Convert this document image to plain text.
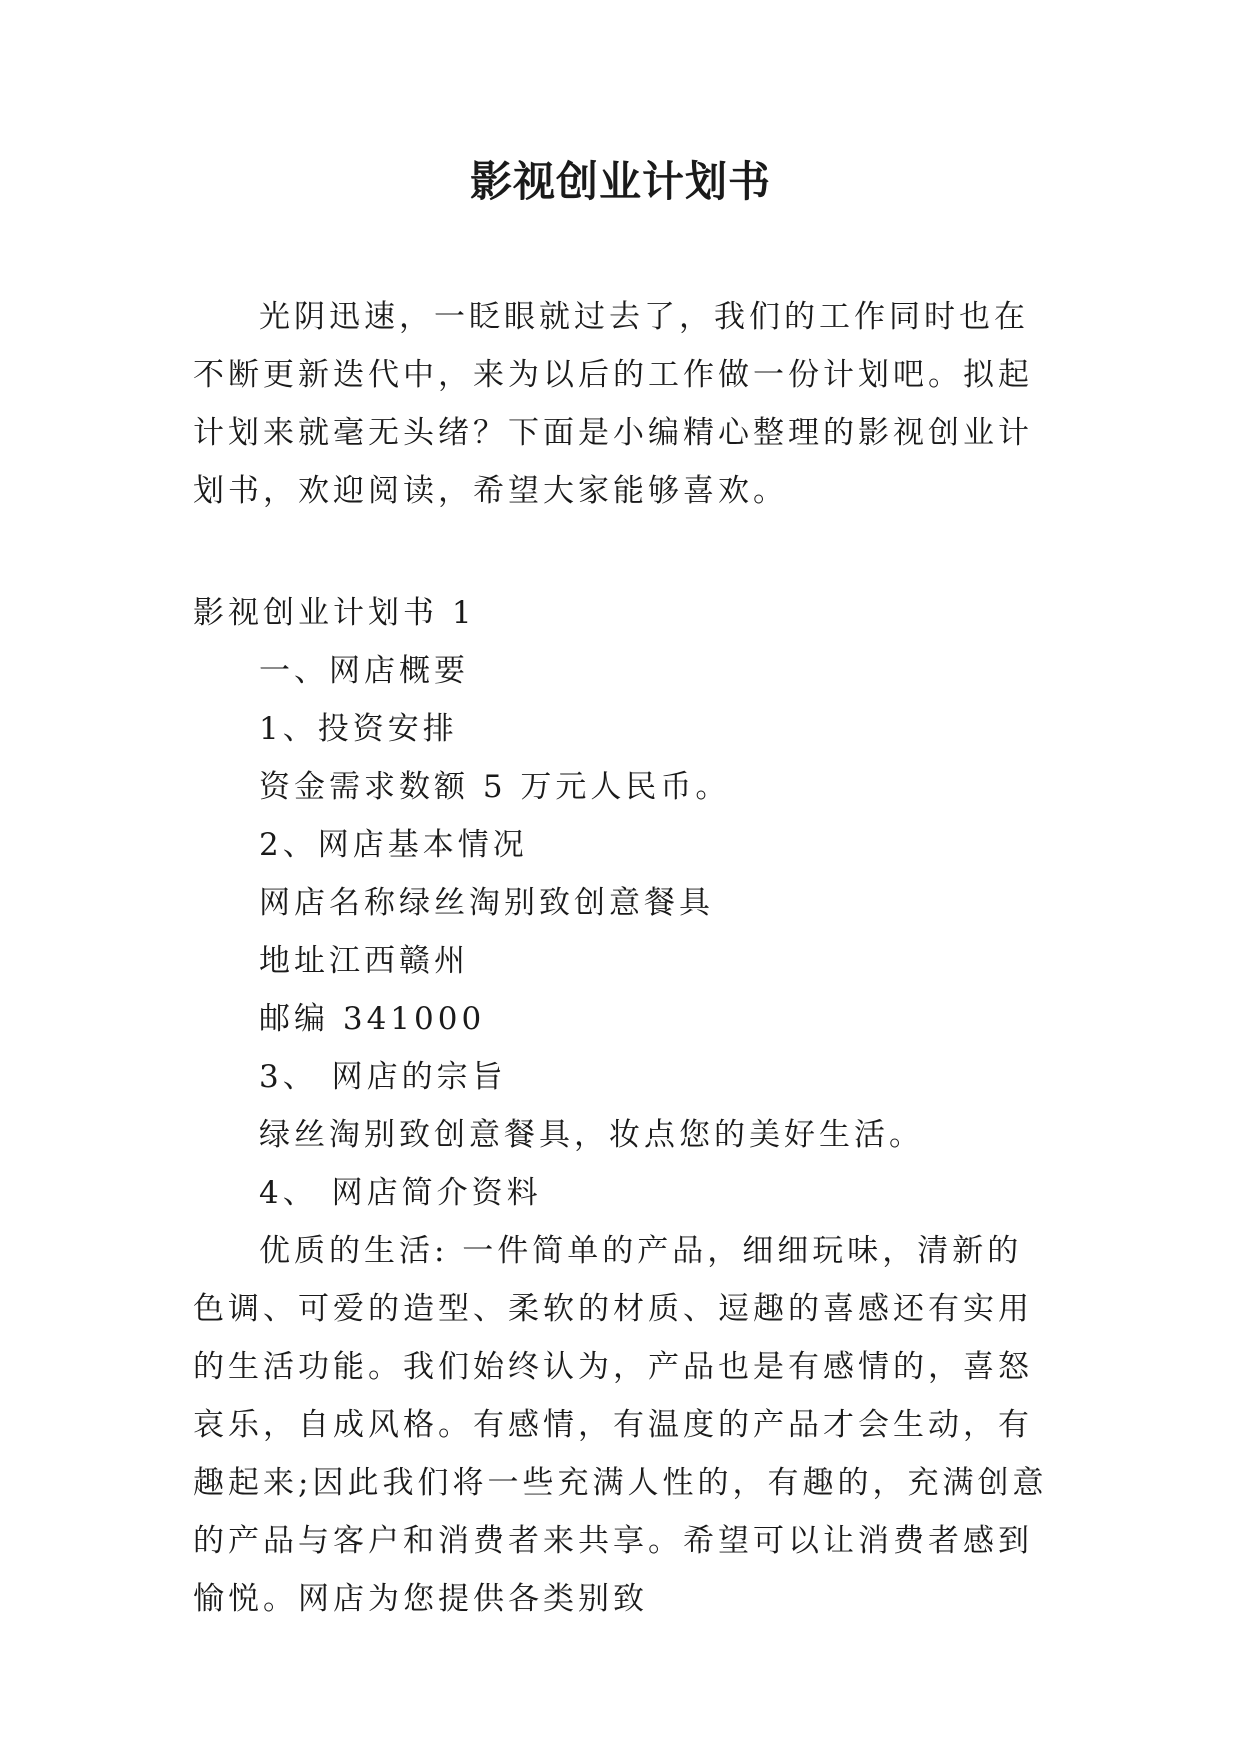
影视创业计划书

光阴迅速，一眨眼就过去了，我们的工作同时也在不断更新迭代中，来为以后的工作做一份计划吧。拟起计划来就毫无头绪？下面是小编精心整理的影视创业计划书，欢迎阅读，希望大家能够喜欢。

影视创业计划书 1

一、网店概要

1、投资安排

资金需求数额 5 万元人民币。

2、网店基本情况

网店名称绿丝淘别致创意餐具

地址江西赣州

邮编 341000

3、 网店的宗旨

绿丝淘别致创意餐具，妆点您的美好生活。

4、 网店简介资料

优质的生活: 一件简单的产品，细细玩味，清新的色调、可爱的造型、柔软的材质、逗趣的喜感还有实用的生活功能。我们始终认为，产品也是有感情的，喜怒哀乐，自成风格。有感情，有温度的产品才会生动，有趣起来;因此我们将一些充满人性的，有趣的，充满创意的产品与客户和消费者来共享。希望可以让消费者感到愉悦。网店为您提供各类别致
